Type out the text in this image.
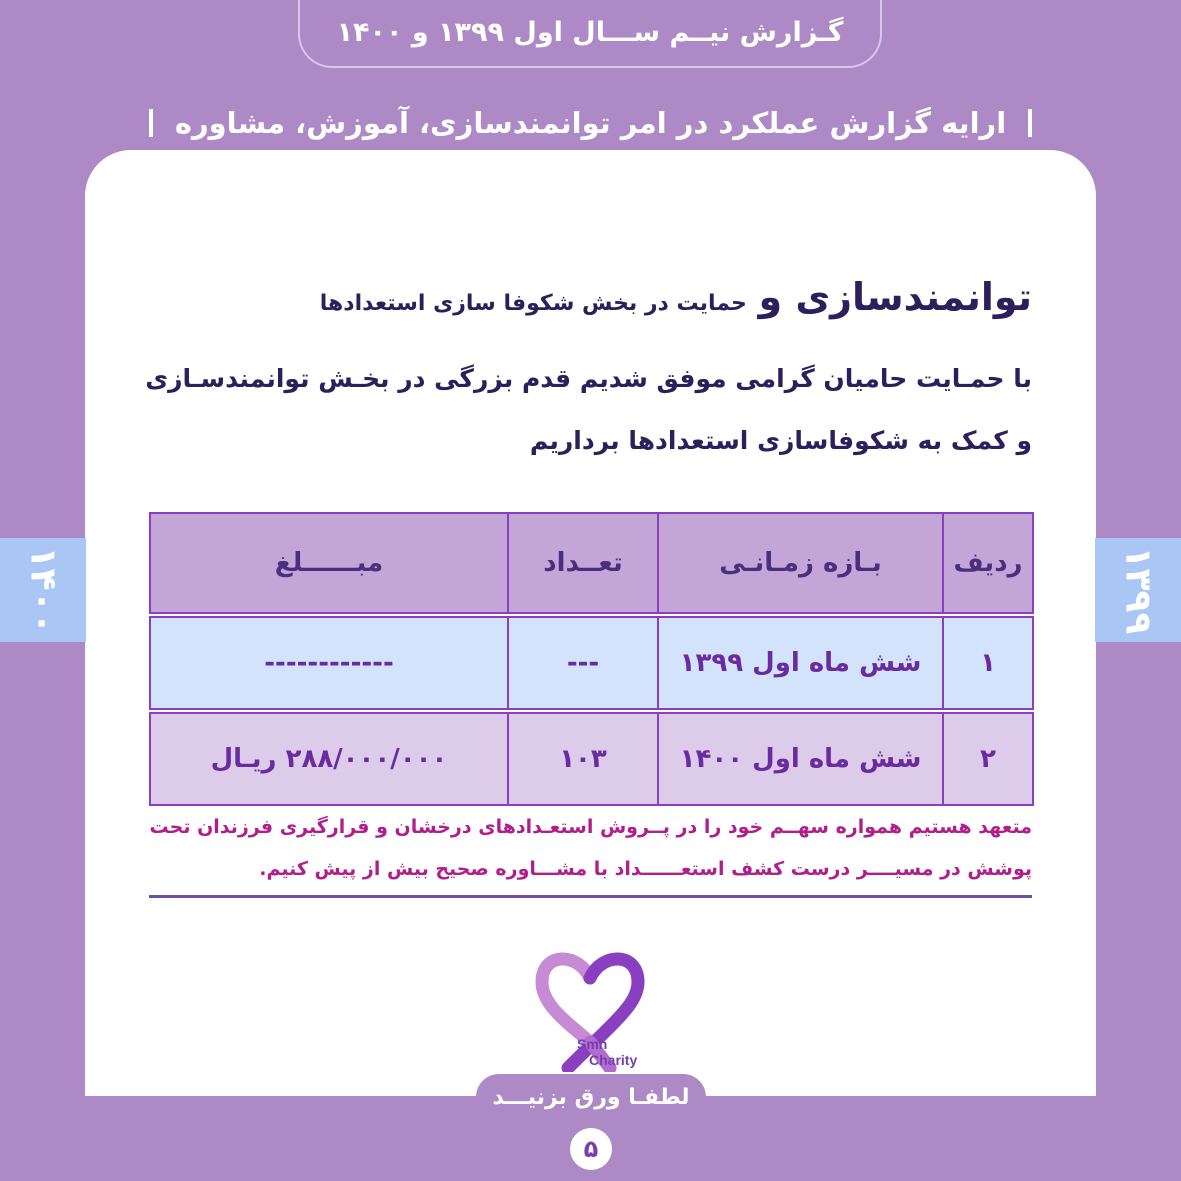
گـزارش نیــم ســـال اول ۱۳۹۹ و ۱۴۰۰
ارایه گزارش عملکرد در امر توانمندسازی، آموزش، مشاوره
۱۴۰۰	۱۳۹۹
توانمندسازی و حمایت در بخش شکوفا سازی استعدادها
با حمـایت حامیان گرامی موفق شدیم قدم بزرگی در بخـش توانمندسـازی
و کمک به شکوفاسازی استعدادها برداریم
ردیف	بـازه زمـانـی	تعــداد	مبــــــلغ

۱	شش ماه اول ۱۳۹۹	---	------------

۲	شش ماه اول ۱۴۰۰	۱۰۳	۲۸۸/۰۰۰/۰۰۰ ریـال
متعهد هستیم همواره سهــم خود را در پــروش استعـدادهای درخشان و قرارگیری فرزندان تحت
پوشش در مسیــــر درست کشف استعــــــداد با مشـــاوره صحیح بیش از پیش کنیم.
Smh
Charity
لطفـا ورق بزنیـــد
۵
